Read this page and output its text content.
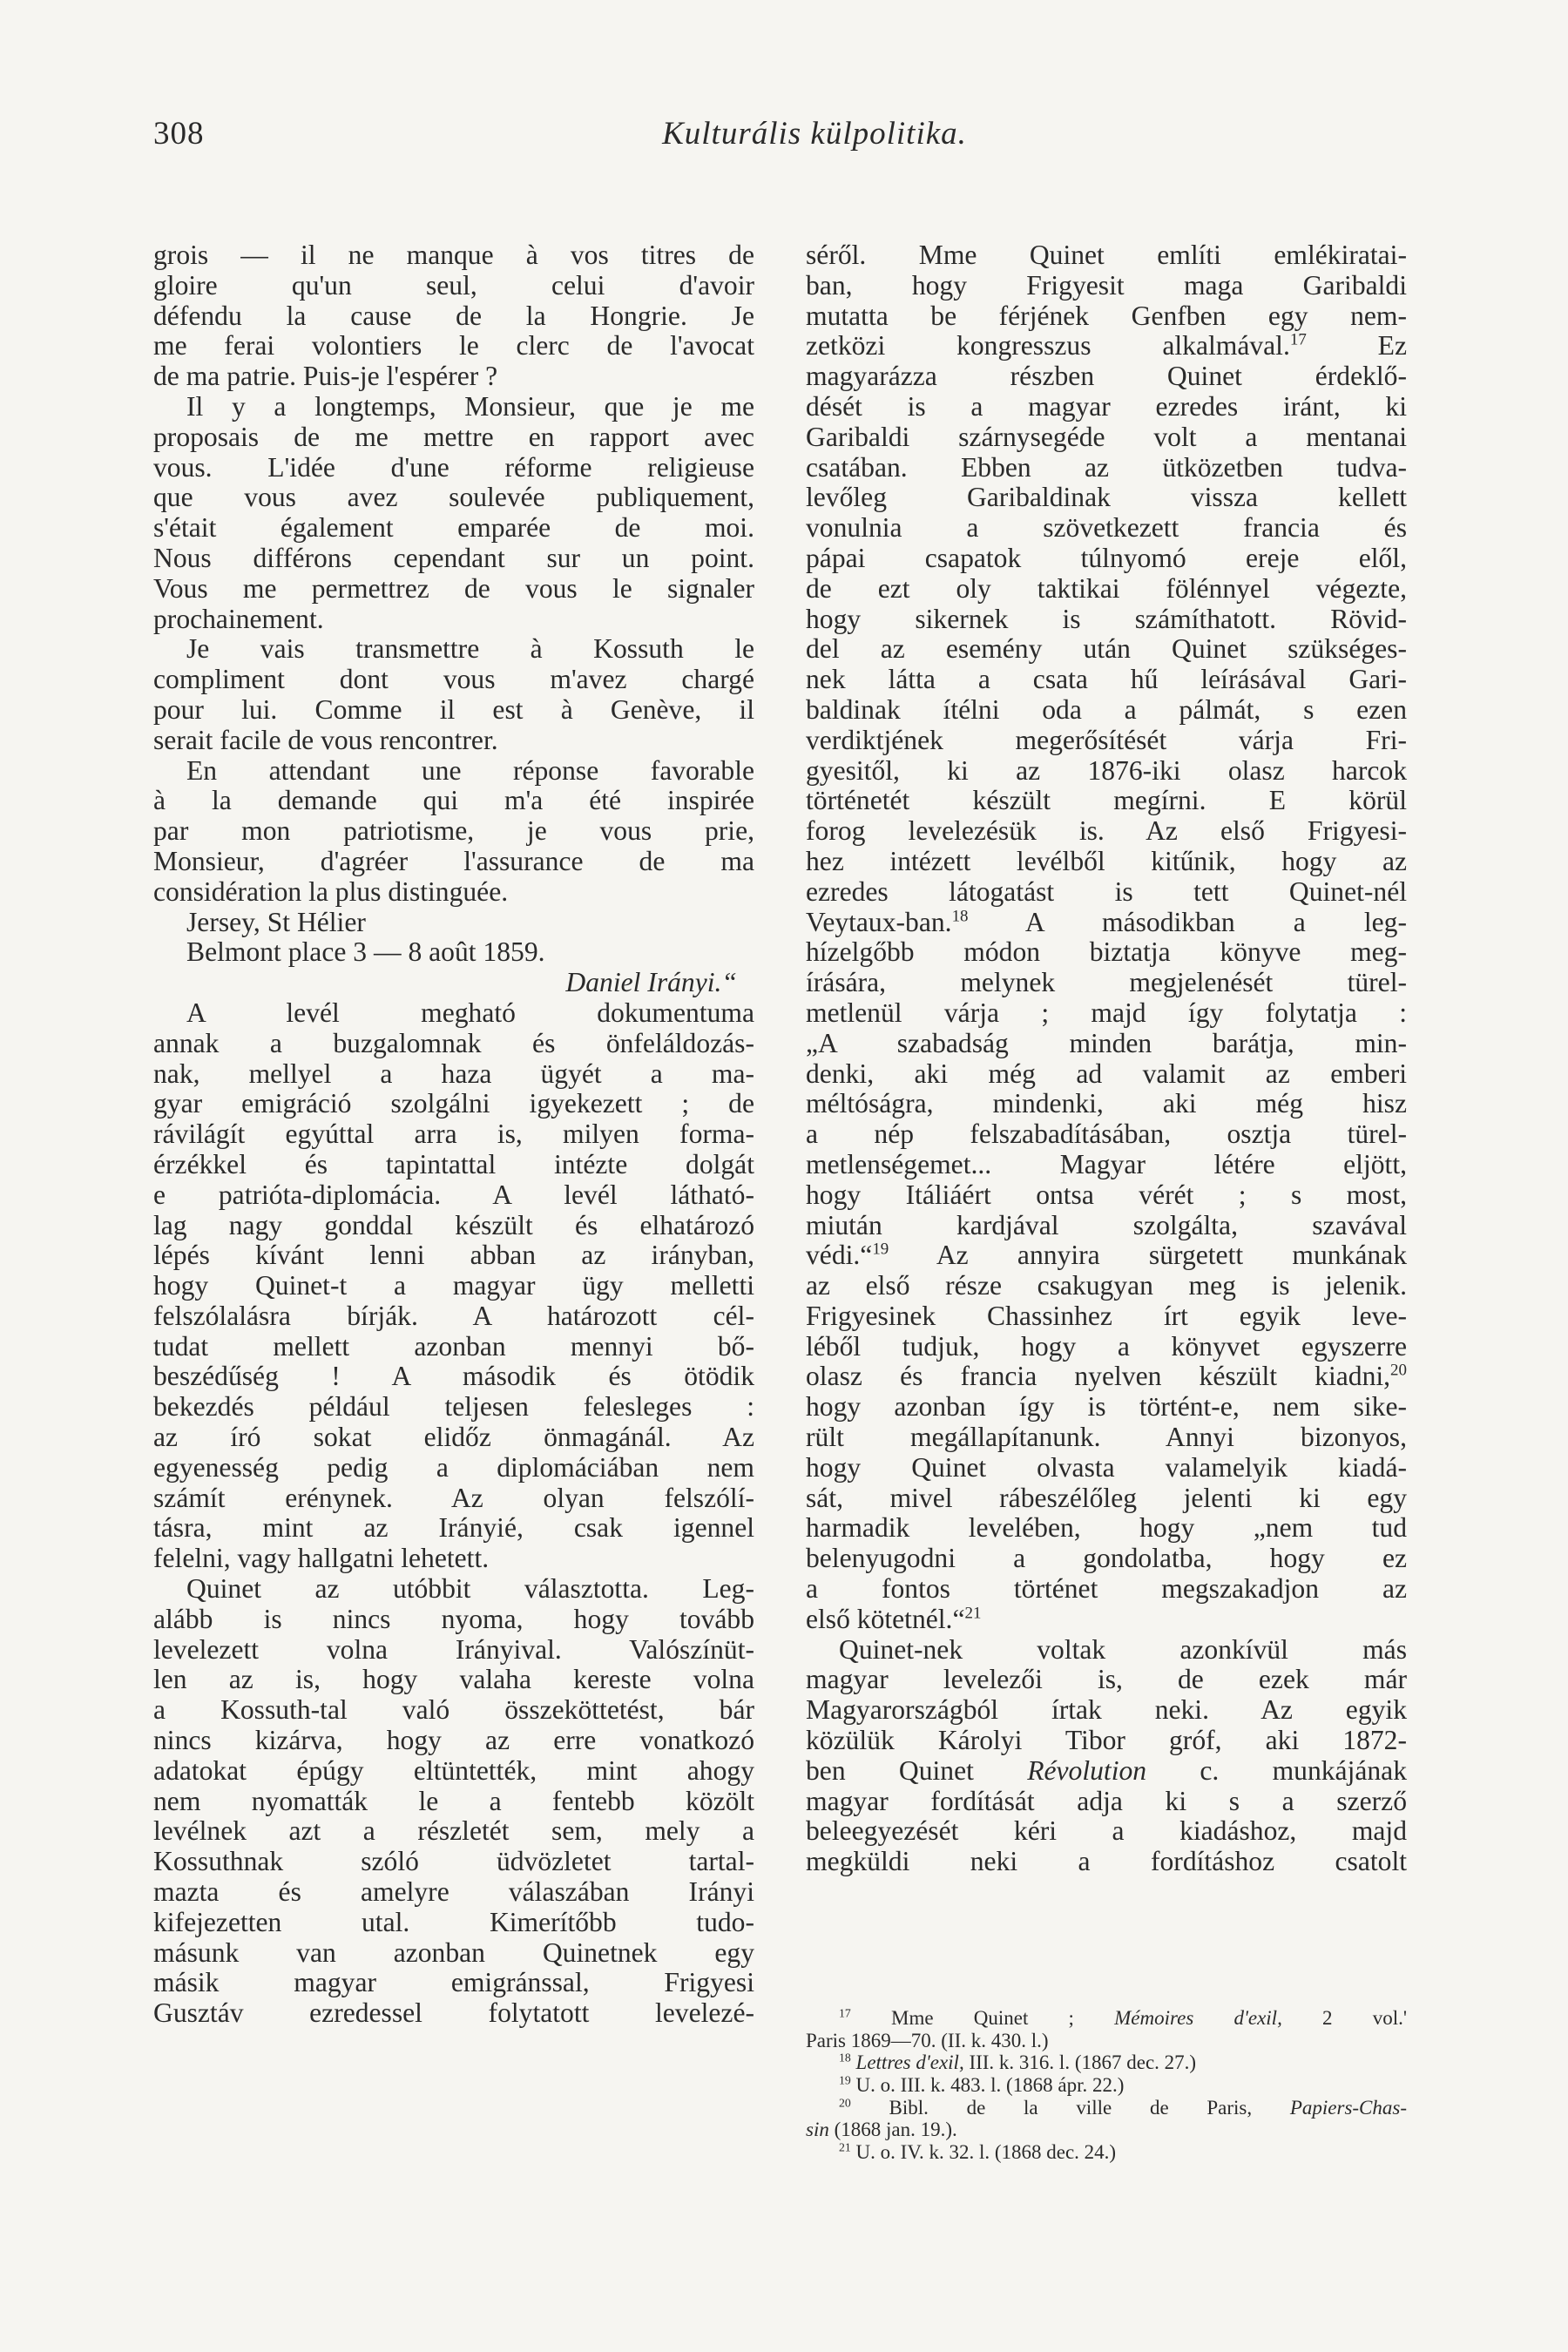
308	Kulturális külpolitika.
grois — il ne manque à vos titres de
gloire qu'un seul, celui d'avoir
défendu la cause de la Hongrie. Je
me ferai volontiers le clerc de l'avocat
de ma patrie. Puis-je l'espérer ?
Il y a longtemps, Monsieur, que je me
proposais de me mettre en rapport avec
vous. L'idée d'une réforme religieuse
que vous avez soulevée publiquement,
s'était également emparée de moi.
Nous différons cependant sur un point.
Vous me permettrez de vous le signaler
prochainement.
Je vais transmettre à Kossuth le
compliment dont vous m'avez chargé
pour lui. Comme il est à Genève, il
serait facile de vous rencontrer.
En attendant une réponse favorable
à la demande qui m'a été inspirée
par mon patriotisme, je vous prie,
Monsieur, d'agréer l'assurance de ma
considération la plus distinguée.
Jersey, St Hélier
Belmont place 3 — 8 août 1859.
Daniel Irányi.“
A levél megható dokumentuma
annak a buzgalomnak és önfeláldozás-
nak, mellyel a haza ügyét a ma-
gyar emigráció szolgálni igyekezett ; de
rávilágít egyúttal arra is, milyen forma-
érzékkel és tapintattal intézte dolgát
e patrióta-diplomácia. A levél látható-
lag nagy gonddal készült és elhatározó
lépés kívánt lenni abban az irányban,
hogy Quinet-t a magyar ügy melletti
felszólalásra bírják. A határozott cél-
tudat mellett azonban mennyi bő-
beszédűség ! A második és ötödik
bekezdés például teljesen felesleges :
az író sokat elidőz önmagánál. Az
egyenesség pedig a diplomáciában nem
számít erénynek. Az olyan felszólí-
tásra, mint az Irányié, csak igennel
felelni, vagy hallgatni lehetett.
Quinet az utóbbit választotta. Leg-
alább is nincs nyoma, hogy tovább
levelezett volna Irányival. Valószínüt-
len az is, hogy valaha kereste volna
a Kossuth-tal való összeköttetést, bár
nincs kizárva, hogy az erre vonatkozó
adatokat épúgy eltüntették, mint ahogy
nem nyomatták le a fentebb közölt
levélnek azt a részletét sem, mely a
Kossuthnak szóló üdvözletet tartal-
mazta és amelyre válaszában Irányi
kifejezetten utal. Kimerítőbb tudo-
másunk van azonban Quinetnek egy
másik magyar emigránssal, Frigyesi
Gusztáv ezredessel folytatott levelezé-
séről. Mme Quinet említi emlékiratai-
ban, hogy Frigyesit maga Garibaldi
mutatta be férjének Genfben egy nem-
zetközi kongresszus alkalmával.$^{17}$	Ez
magyarázza részben Quinet érdeklő-
dését is a magyar ezredes iránt, ki
Garibaldi szárnysegéde volt a mentanai
csatában. Ebben az ütközetben tudva-
levőleg Garibaldinak vissza kellett
vonulnia a szövetkezett francia és
pápai csapatok túlnyomó ereje elől,
de ezt oly taktikai fölénnyel végezte,
hogy sikernek is számíthatott. Rövid-
del az esemény után Quinet szükséges-
nek látta a csata hű leírásával Gari-
baldinak ítélni oda a pálmát, s ezen
verdiktjének megerősítését várja Fri-
gyesitől, ki az 1876-iki olasz harcok
történetét készült megírni. E körül
forog levelezésük is. Az első Frigyesi-
hez intézett levélből kitűnik, hogy az
ezredes látogatást is tett Quinet-nél
Veytaux-ban.$^{18}$ A másodikban a leg-
hízelgőbb módon biztatja könyve meg-
írására, melynek megjelenését türel-
metlenül várja ; majd így folytatja :
„A szabadság minden barátja, min-
denki, aki még ad valamit az emberi
méltóságra, mindenki, aki még hisz
a nép felszabadításában, osztja türel-
metlenségemet... Magyar létére eljött,
hogy Itáliáért ontsa vérét ; s most,
miután kardjával szolgálta, szavával
védi.“$^{19}$ Az annyira sürgetett munkának
az első része csakugyan meg is jelenik.
Frigyesinek Chassinhez írt egyik leve-
léből tudjuk, hogy a könyvet egyszerre
olasz és francia nyelven készült kiadni,$^{20}$
hogy azonban így is történt-e, nem sike-
rült megállapítanunk. Annyi bizonyos,
hogy Quinet olvasta valamelyik kiadá-
sát, mivel rábeszélőleg jelenti ki egy
harmadik levelében, hogy „nem tud
belenyugodni a gondolatba, hogy ez
a fontos történet megszakadjon az
első kötetnél.“$^{21}$
Quinet-nek voltak azonkívül más
magyar levelezői is, de ezek már
Magyarországból írtak neki. Az egyik
közülük Károlyi Tibor gróf, aki 1872-
ben Quinet Révolution c. munkájának
magyar fordítását adja ki s a szerző
beleegyezését kéri a kiadáshoz, majd
megküldi neki a fordításhoz csatolt
$^{17}$ Mme Quinet ; Mémoires d'exil, 2 vol.'
Paris 1869—70. (II. k. 430. l.)
$^{18}$ Lettres d'exil, III. k. 316. l. (1867 dec. 27.)
$^{19}$ U. o. III. k. 483. l. (1868 ápr. 22.)
$^{20}$ Bibl. de la ville de Paris, Papiers-Chas-
sin (1868 jan. 19.).
$^{21}$ U. o. IV. k. 32. l. (1868 dec. 24.)
